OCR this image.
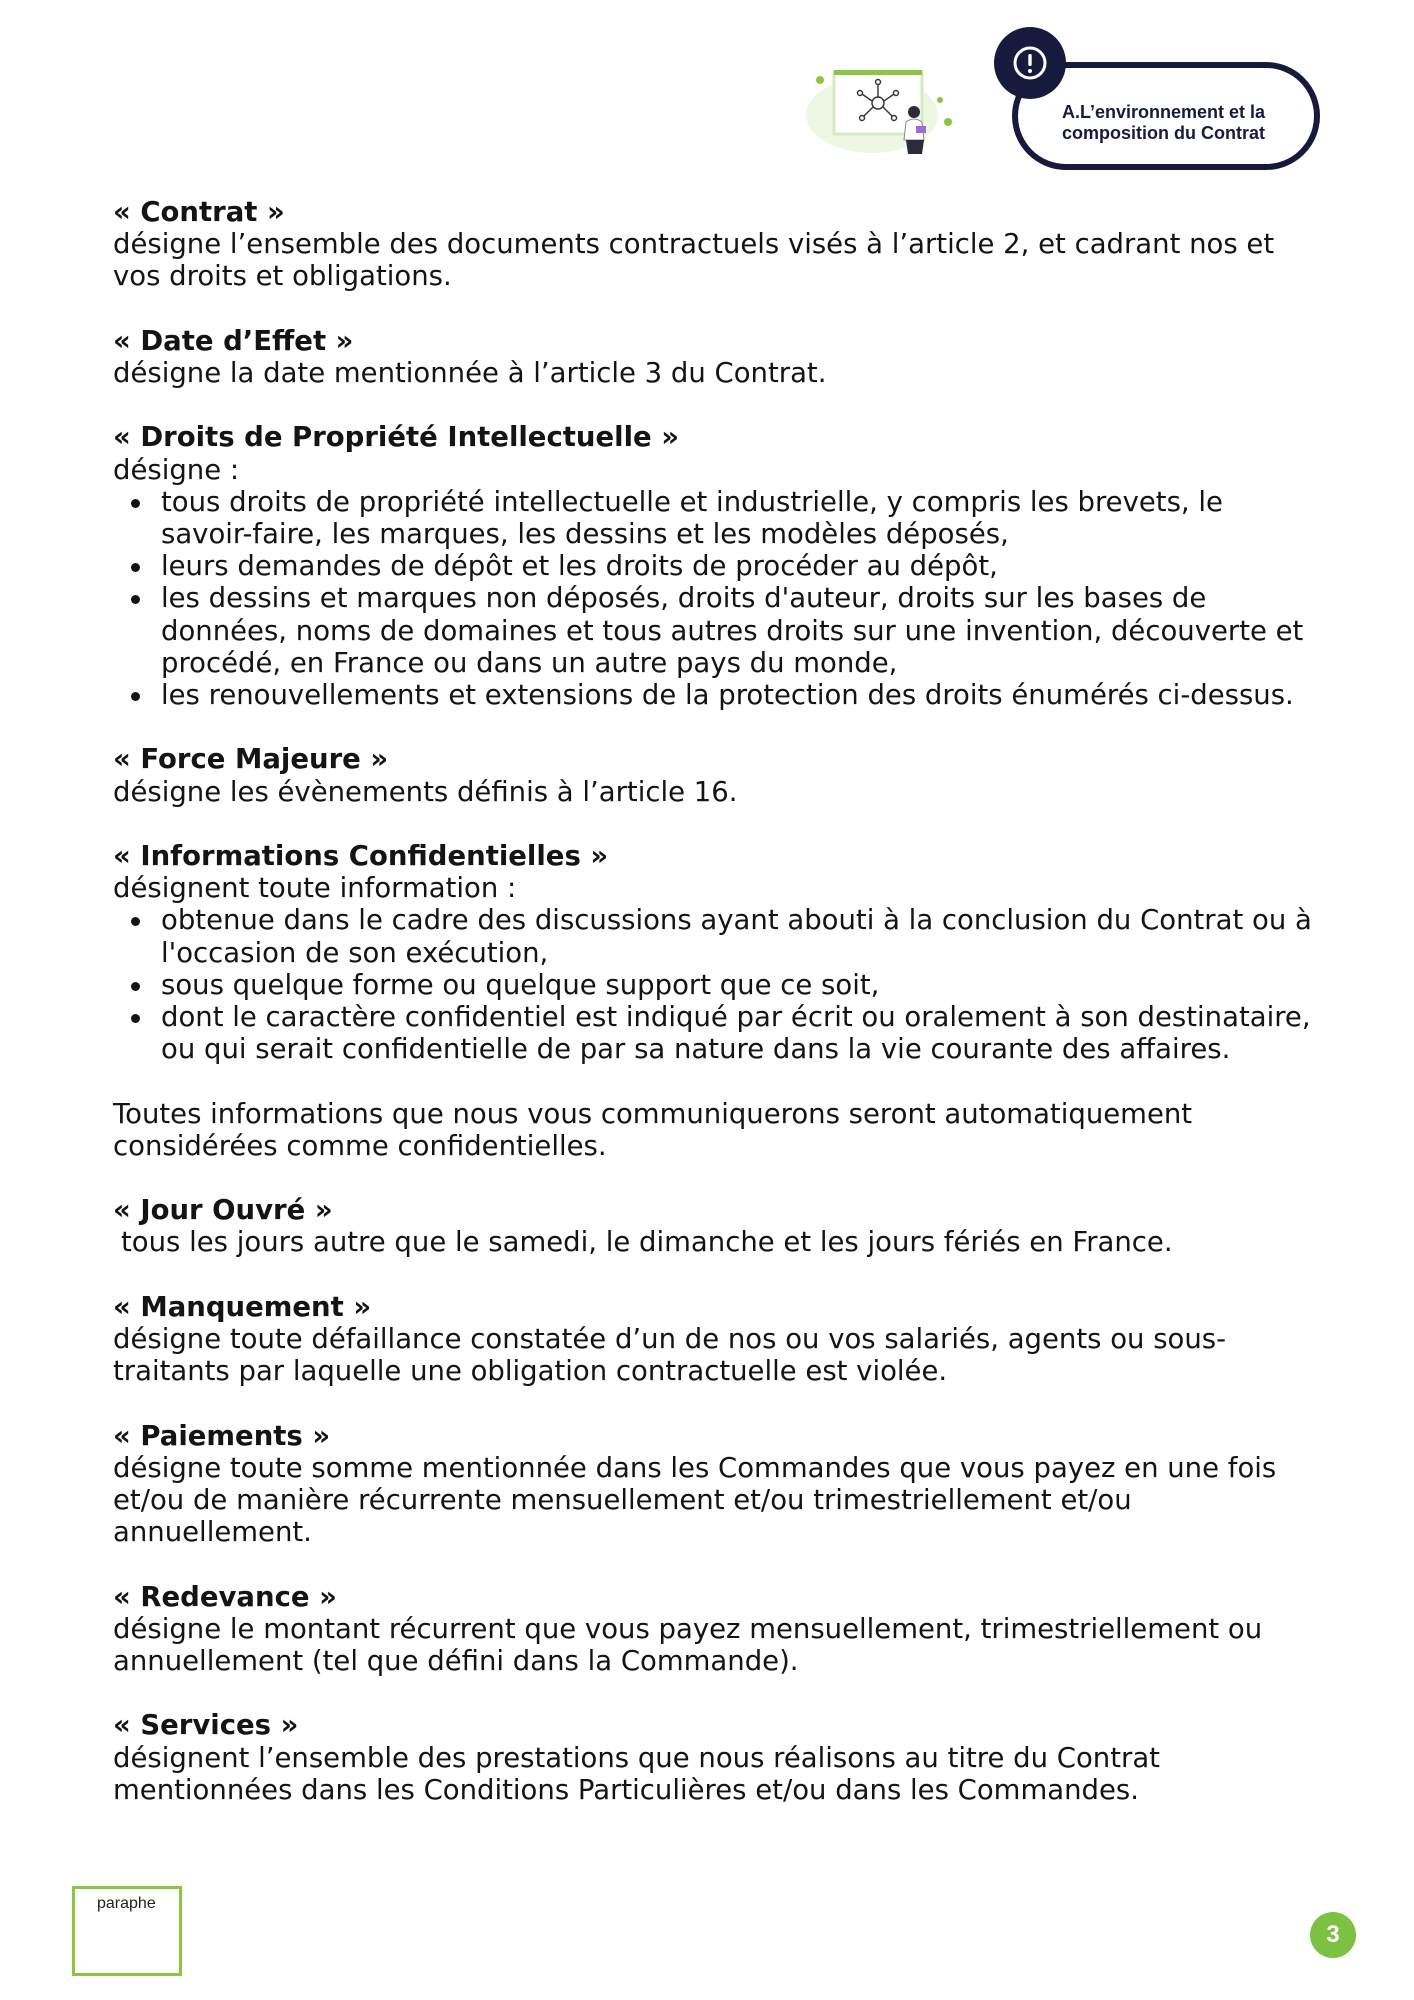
A.L’environnement et la composition du Contrat
« Contrat »
désigne l’ensemble des documents contractuels visés à l’article 2, et cadrant nos et vos droits et obligations.
« Date d’Effet »
désigne la date mentionnée à l’article 3 du Contrat.
« Droits de Propriété Intellectuelle »
désigne :
tous droits de propriété intellectuelle et industrielle, y compris les brevets, le savoir-faire, les marques, les dessins et les modèles déposés,
leurs demandes de dépôt et les droits de procéder au dépôt,
les dessins et marques non déposés, droits d'auteur, droits sur les bases de données, noms de domaines et tous autres droits sur une invention, découverte et procédé, en France ou dans un autre pays du monde,
les renouvellements et extensions de la protection des droits énumérés ci-dessus.
« Force Majeure »
désigne les évènements définis à l’article 16.
« Informations Confidentielles »
désignent toute information :
obtenue dans le cadre des discussions ayant abouti à la conclusion du Contrat ou à l'occasion de son exécution,
sous quelque forme ou quelque support que ce soit,
dont le caractère confidentiel est indiqué par écrit ou oralement à son destinataire, ou qui serait confidentielle de par sa nature dans la vie courante des affaires.
Toutes informations que nous vous communiquerons seront automatiquement considérées comme confidentielles.
« Jour Ouvré »
tous les jours autre que le samedi, le dimanche et les jours fériés en France.
« Manquement »
désigne toute défaillance constatée d’un de nos ou vos salariés, agents ou sous-traitants par laquelle une obligation contractuelle est violée.
« Paiements »
désigne toute somme mentionnée dans les Commandes que vous payez en une fois et/ou de manière récurrente mensuellement et/ou trimestriellement et/ou annuellement.
« Redevance »
désigne le montant récurrent que vous payez mensuellement, trimestriellement ou annuellement (tel que défini dans la Commande).
« Services »
désignent l’ensemble des prestations que nous réalisons au titre du Contrat mentionnées dans les Conditions Particulières et/ou dans les Commandes.
paraphe
3
